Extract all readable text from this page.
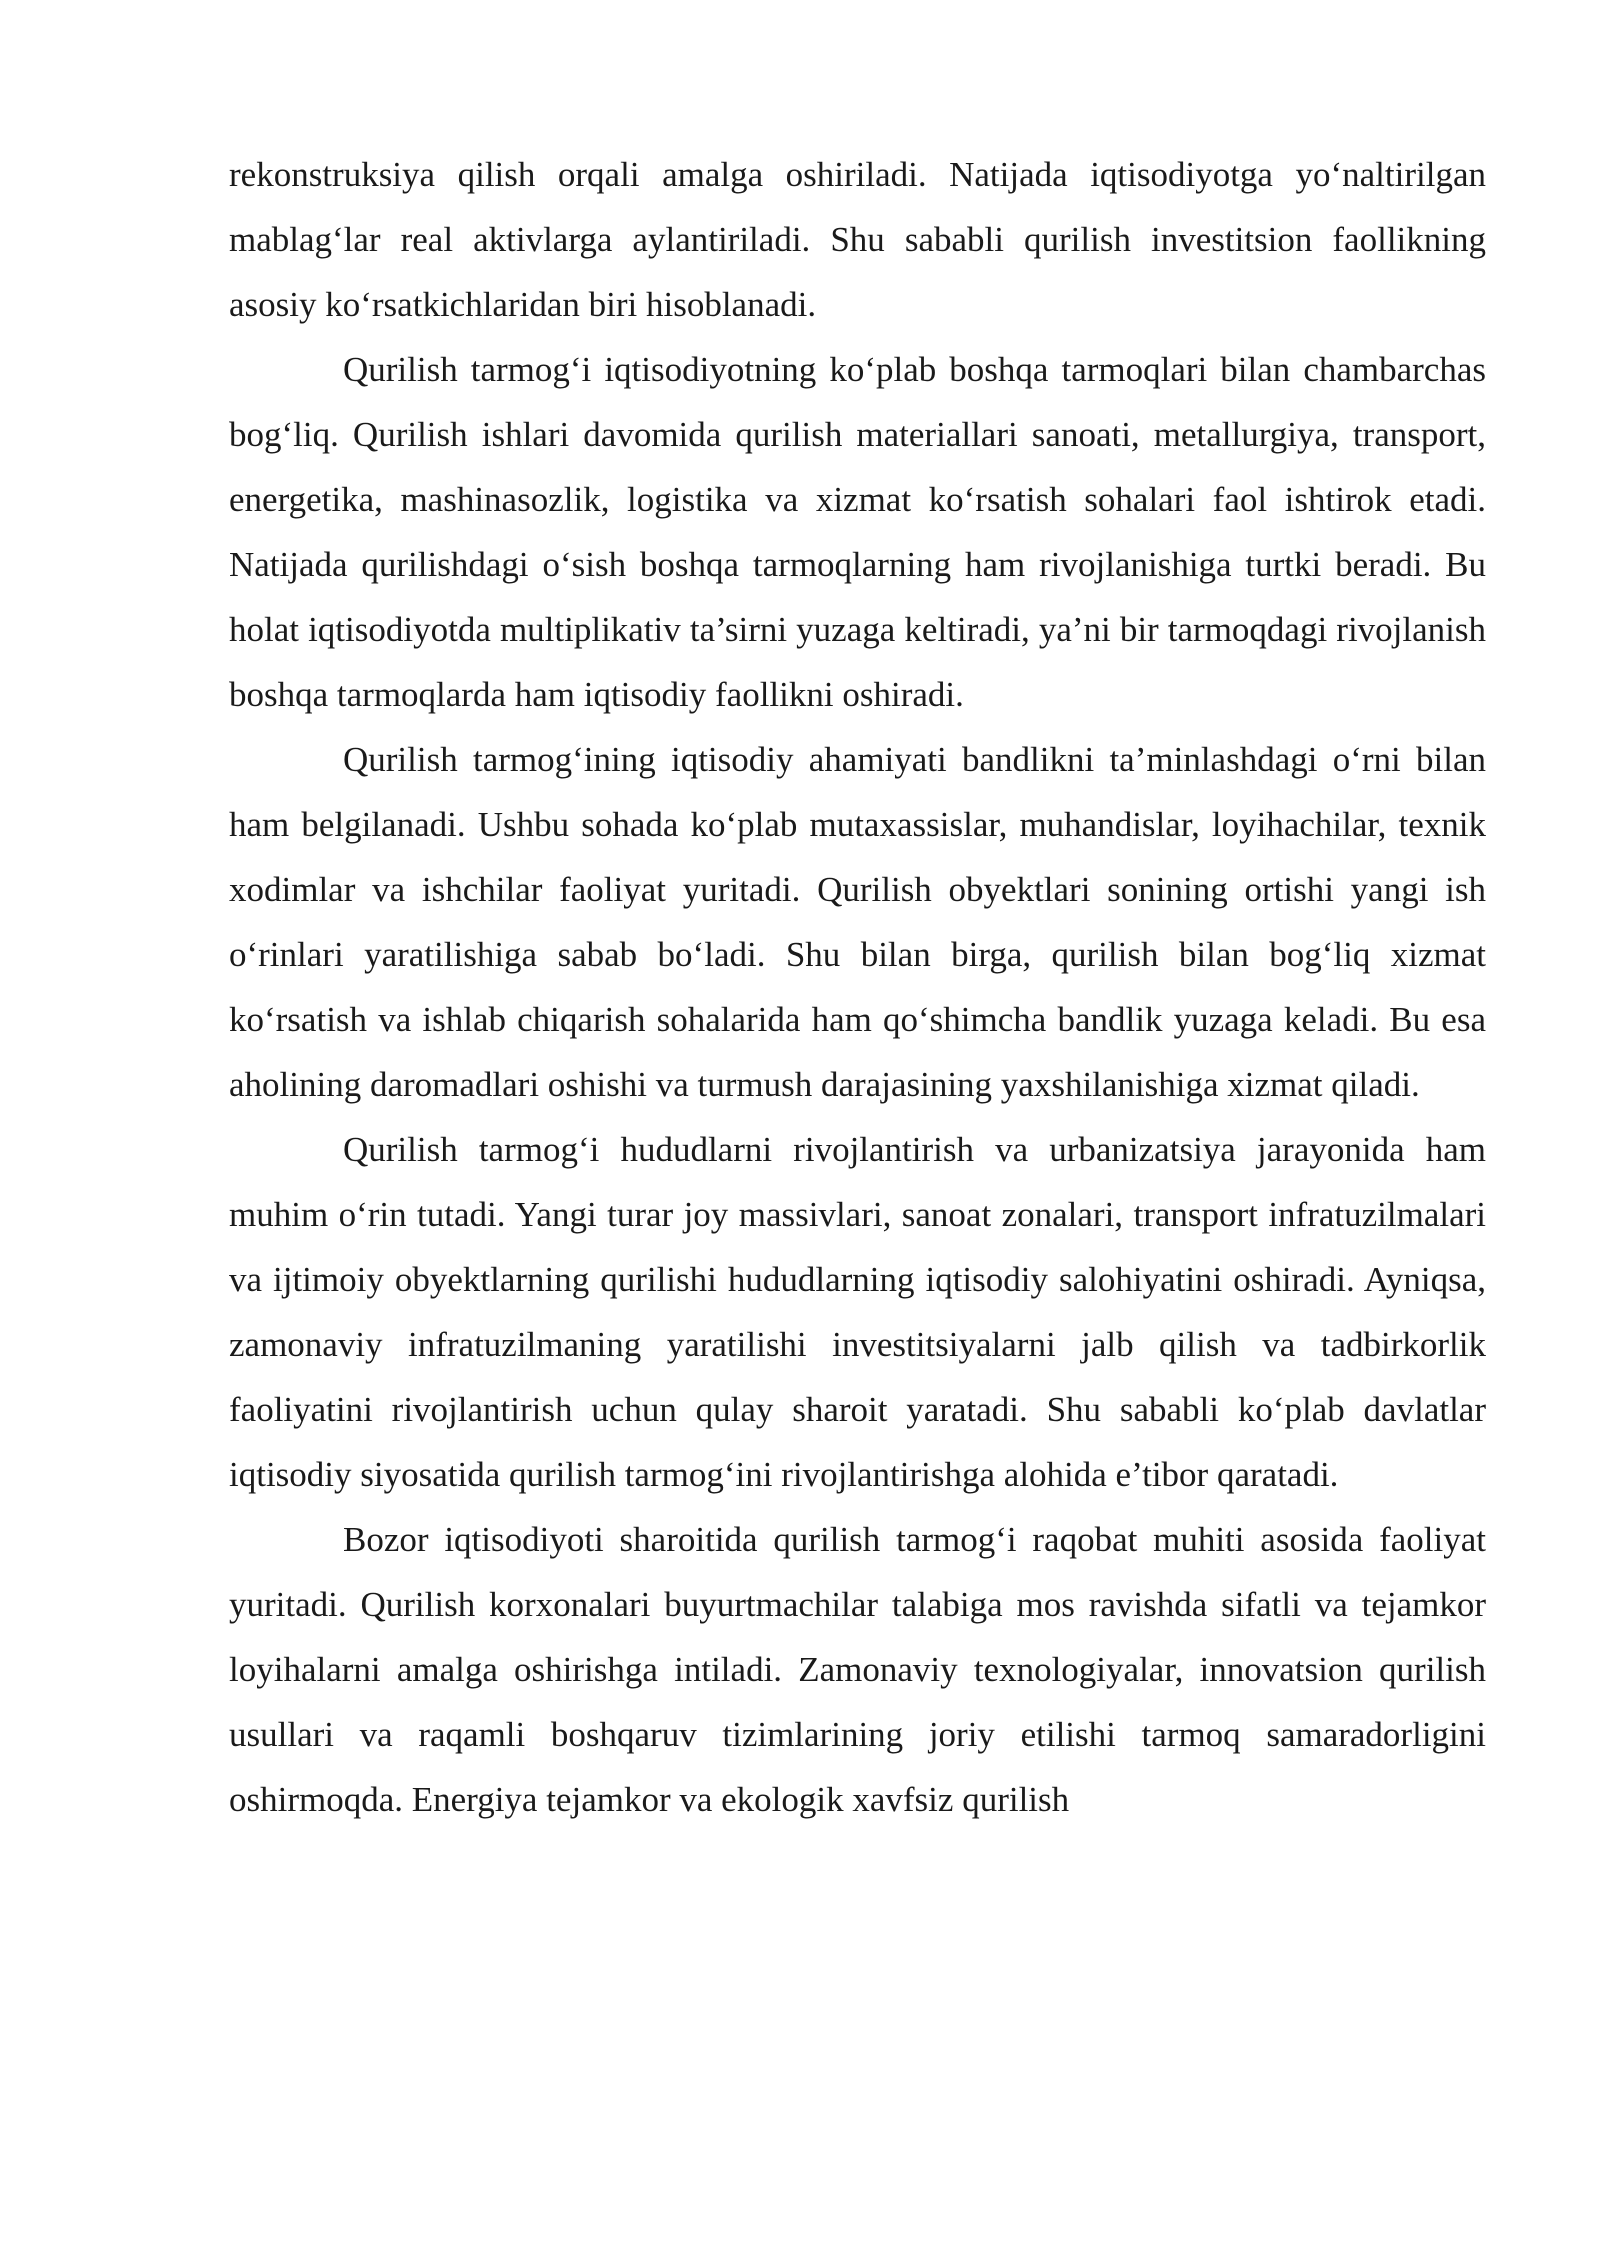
rekonstruksiya qilish orqali amalga oshiriladi. Natijada iqtisodiyotga yo‘naltirilgan mablag‘lar real aktivlarga aylantiriladi. Shu sababli qurilish investitsion faollikning asosiy ko‘rsatkichlaridan biri hisoblanadi.

Qurilish tarmog‘i iqtisodiyotning ko‘plab boshqa tarmoqlari bilan chambarchas bog‘liq. Qurilish ishlari davomida qurilish materiallari sanoati, metallurgiya, transport, energetika, mashinasozlik, logistika va xizmat ko‘rsatish sohalari faol ishtirok etadi. Natijada qurilishdagi o‘sish boshqa tarmoqlarning ham rivojlanishiga turtki beradi. Bu holat iqtisodiyotda multiplikativ ta’sirni yuzaga keltiradi, ya’ni bir tarmoqdagi rivojlanish boshqa tarmoqlarda ham iqtisodiy faollikni oshiradi.

Qurilish tarmog‘ining iqtisodiy ahamiyati bandlikni ta’minlashdagi o‘rni bilan ham belgilanadi. Ushbu sohada ko‘plab mutaxassislar, muhandislar, loyihachilar, texnik xodimlar va ishchilar faoliyat yuritadi. Qurilish obyektlari sonining ortishi yangi ish o‘rinlari yaratilishiga sabab bo‘ladi. Shu bilan birga, qurilish bilan bog‘liq xizmat ko‘rsatish va ishlab chiqarish sohalarida ham qo‘shimcha bandlik yuzaga keladi. Bu esa aholining daromadlari oshishi va turmush darajasining yaxshilanishiga xizmat qiladi.

Qurilish tarmog‘i hududlarni rivojlantirish va urbanizatsiya jarayonida ham muhim o‘rin tutadi. Yangi turar joy massivlari, sanoat zonalari, transport infratuzilmalari va ijtimoiy obyektlarning qurilishi hududlarning iqtisodiy salohiyatini oshiradi. Ayniqsa, zamonaviy infratuzilmaning yaratilishi investitsiyalarni jalb qilish va tadbirkorlik faoliyatini rivojlantirish uchun qulay sharoit yaratadi. Shu sababli ko‘plab davlatlar iqtisodiy siyosatida qurilish tarmog‘ini rivojlantirishga alohida e’tibor qaratadi.

Bozor iqtisodiyoti sharoitida qurilish tarmog‘i raqobat muhiti asosida faoliyat yuritadi. Qurilish korxonalari buyurtmachilar talabiga mos ravishda sifatli va tejamkor loyihalarni amalga oshirishga intiladi. Zamonaviy texnologiyalar, innovatsion qurilish usullari va raqamli boshqaruv tizimlarining joriy etilishi tarmoq samaradorligini oshirmoqda. Energiya tejamkor va ekologik xavfsiz qurilish
